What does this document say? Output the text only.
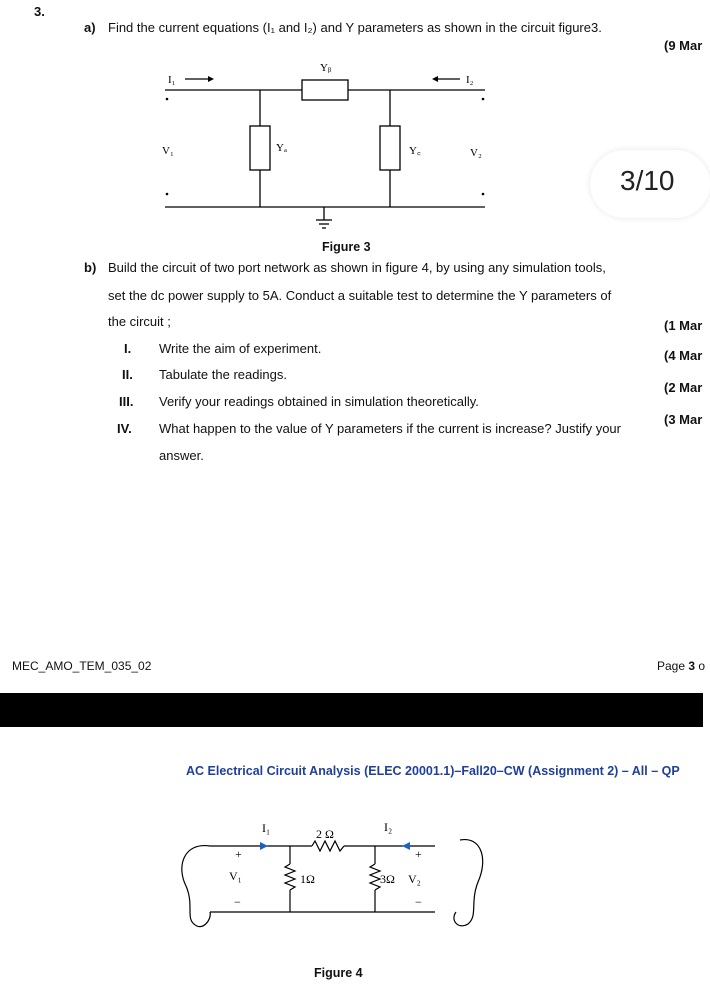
3.
a) Find the current equations (I₁ and I₂) and Y parameters as shown in the circuit figure3.
(9 Mar
I₁	I₂
Yᵦ
Yₐ	Y꜀
V₁	V₂
Figure 3
3/10
b) Build the circuit of two port network as shown in figure 4, by using any simulation tools,
set the dc power supply to 5A. Conduct a suitable test to determine the Y parameters of
the circuit ;	(1 Mar
(4 Mar
(2 Mar
(3 Mar
I. Write the aim of experiment.
II. Tabulate the readings.
III. Verify your readings obtained in simulation theoretically.
IV. What happen to the value of Y parameters if the current is increase? Justify your
answer.
MEC_AMO_TEM_035_02	Page 3 o
AC Electrical Circuit Analysis (ELEC 20001.1)–Fall20–CW (Assignment 2) – All – QP
I₁	I₂
2 Ω
1Ω	3Ω
+
V₁
−
+
V₂
−
Figure 4
